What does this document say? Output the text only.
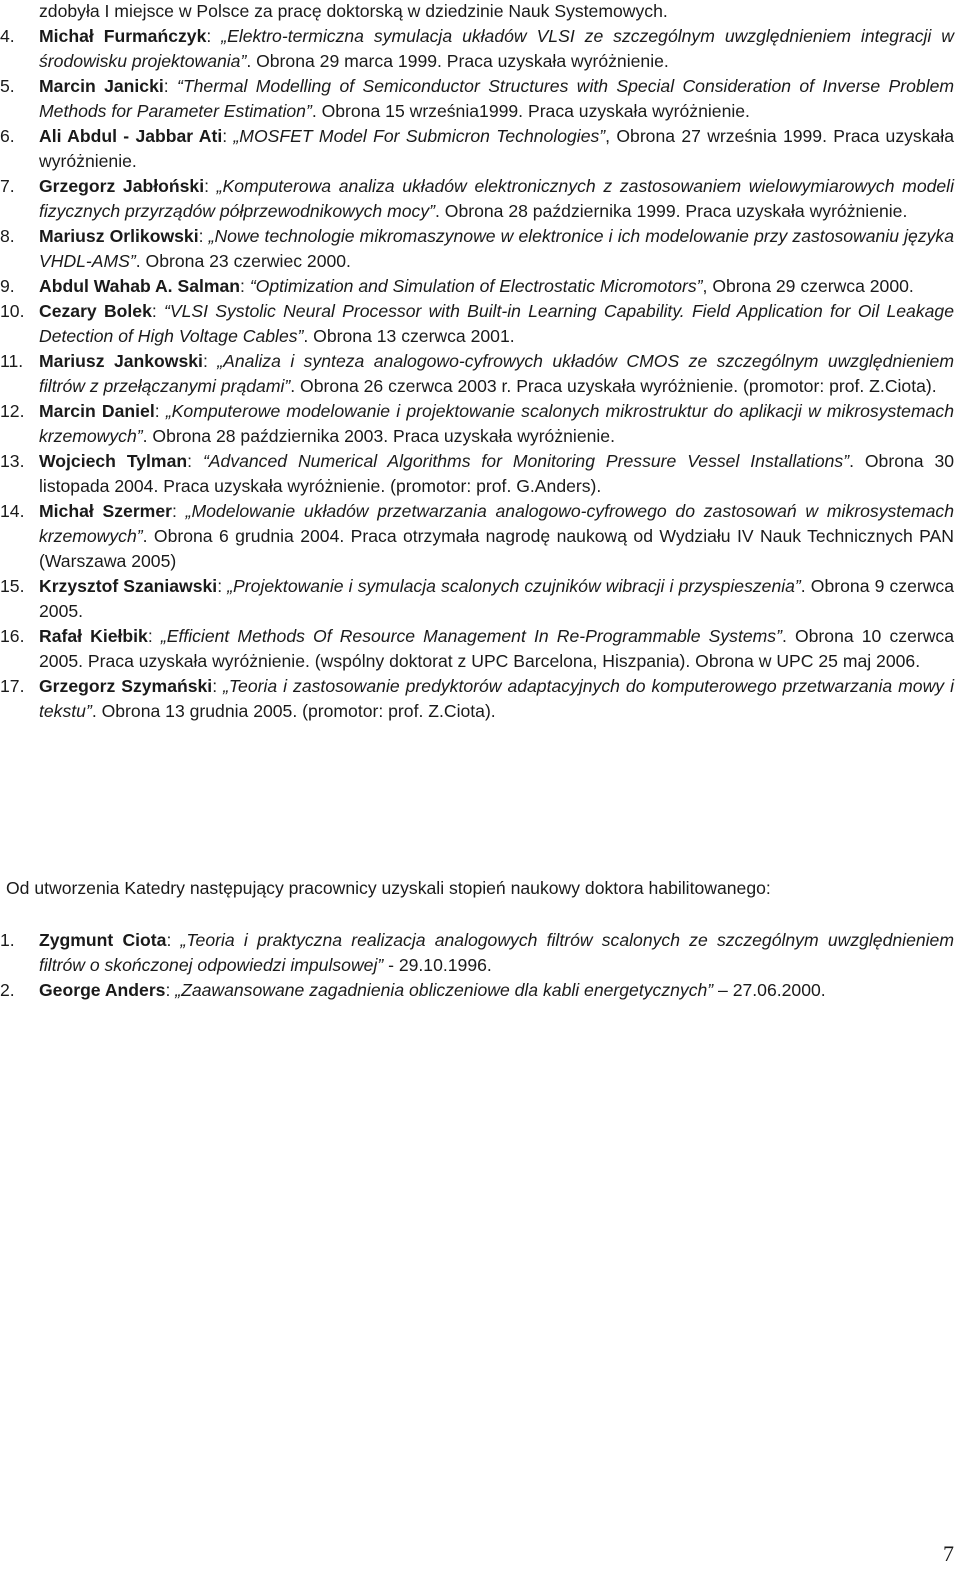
zdobyła I miejsce w Polsce za pracę doktorską w dziedzinie Nauk Systemowych.

4.	Michał Furmańczyk: „Elektro-termiczna symulacja układów VLSI ze szczególnym uwzględnieniem integracji w środowisku projektowania”. Obrona 29 marca 1999. Praca uzyskała wyróżnienie.
5.	Marcin Janicki: “Thermal Modelling of Semiconductor Structures with Special Consideration of Inverse Problem Methods for Parameter Estimation”. Obrona 15 września1999. Praca uzyskała wyróżnienie.
6.	Ali Abdul - Jabbar Ati: „MOSFET Model For Submicron Technologies”, Obrona 27 września 1999. Praca uzyskała wyróżnienie.
7.	Grzegorz Jabłoński: „Komputerowa analiza układów elektronicznych z zastosowaniem wielowymiarowych modeli fizycznych przyrządów półprzewodnikowych mocy”. Obrona 28 października 1999. Praca uzyskała wyróżnienie.
8.	Mariusz Orlikowski: „Nowe technologie mikromaszynowe w elektronice i ich modelowanie przy zastosowaniu języka VHDL-AMS”. Obrona 23 czerwiec 2000.
9.	Abdul Wahab A. Salman: “Optimization and Simulation of Electrostatic Micromotors”, Obrona 29 czerwca 2000.
10. Cezary Bolek: “VLSI Systolic Neural Processor with Built-in Learning Capability. Field Application for Oil Leakage Detection of High Voltage Cables”. Obrona 13 czerwca 2001.
11. Mariusz Jankowski: „Analiza i synteza analogowo-cyfrowych układów CMOS ze szczególnym uwzględnieniem filtrów z przełączanymi prądami”. Obrona 26 czerwca 2003 r. Praca uzyskała wyróżnienie. (promotor: prof. Z.Ciota).
12. Marcin Daniel: „Komputerowe modelowanie i projektowanie scalonych mikrostruktur do aplikacji w mikrosystemach krzemowych”. Obrona 28 października 2003. Praca uzyskała wyróżnienie.
13. Wojciech Tylman: “Advanced Numerical Algorithms for Monitoring Pressure Vessel Installations”. Obrona 30 listopada 2004. Praca uzyskała wyróżnienie. (promotor: prof. G.Anders).
14. Michał Szermer: „Modelowanie układów przetwarzania analogowo-cyfrowego do zastosowań w mikrosystemach krzemowych”. Obrona 6 grudnia 2004. Praca otrzymała nagrodę naukową od Wydziału IV Nauk Technicznych PAN (Warszawa 2005)
15. Krzysztof Szaniawski: „Projektowanie i symulacja scalonych czujników wibracji i przyspieszenia”. Obrona 9 czerwca 2005.
16. Rafał Kiełbik: „Efficient Methods Of Resource Management In Re-Programmable Systems”. Obrona 10 czerwca 2005. Praca uzyskała wyróżnienie. (wspólny doktorat z UPC Barcelona, Hiszpania). Obrona w UPC 25 maj 2006.
17. Grzegorz Szymański: „Teoria i zastosowanie predyktorów adaptacyjnych do komputerowego przetwarzania mowy i tekstu”. Obrona 13 grudnia 2005. (promotor: prof. Z.Ciota).

Od utworzenia Katedry następujący pracownicy uzyskali stopień naukowy doktora habilitowanego:

1.	Zygmunt Ciota: „Teoria i praktyczna realizacja analogowych filtrów scalonych ze szczególnym uwzględnieniem filtrów o skończonej odpowiedzi impulsowej” - 29.10.1996.
2.	George Anders: „Zaawansowane zagadnienia obliczeniowe dla kabli energetycznych” – 27.06.2000.
7
